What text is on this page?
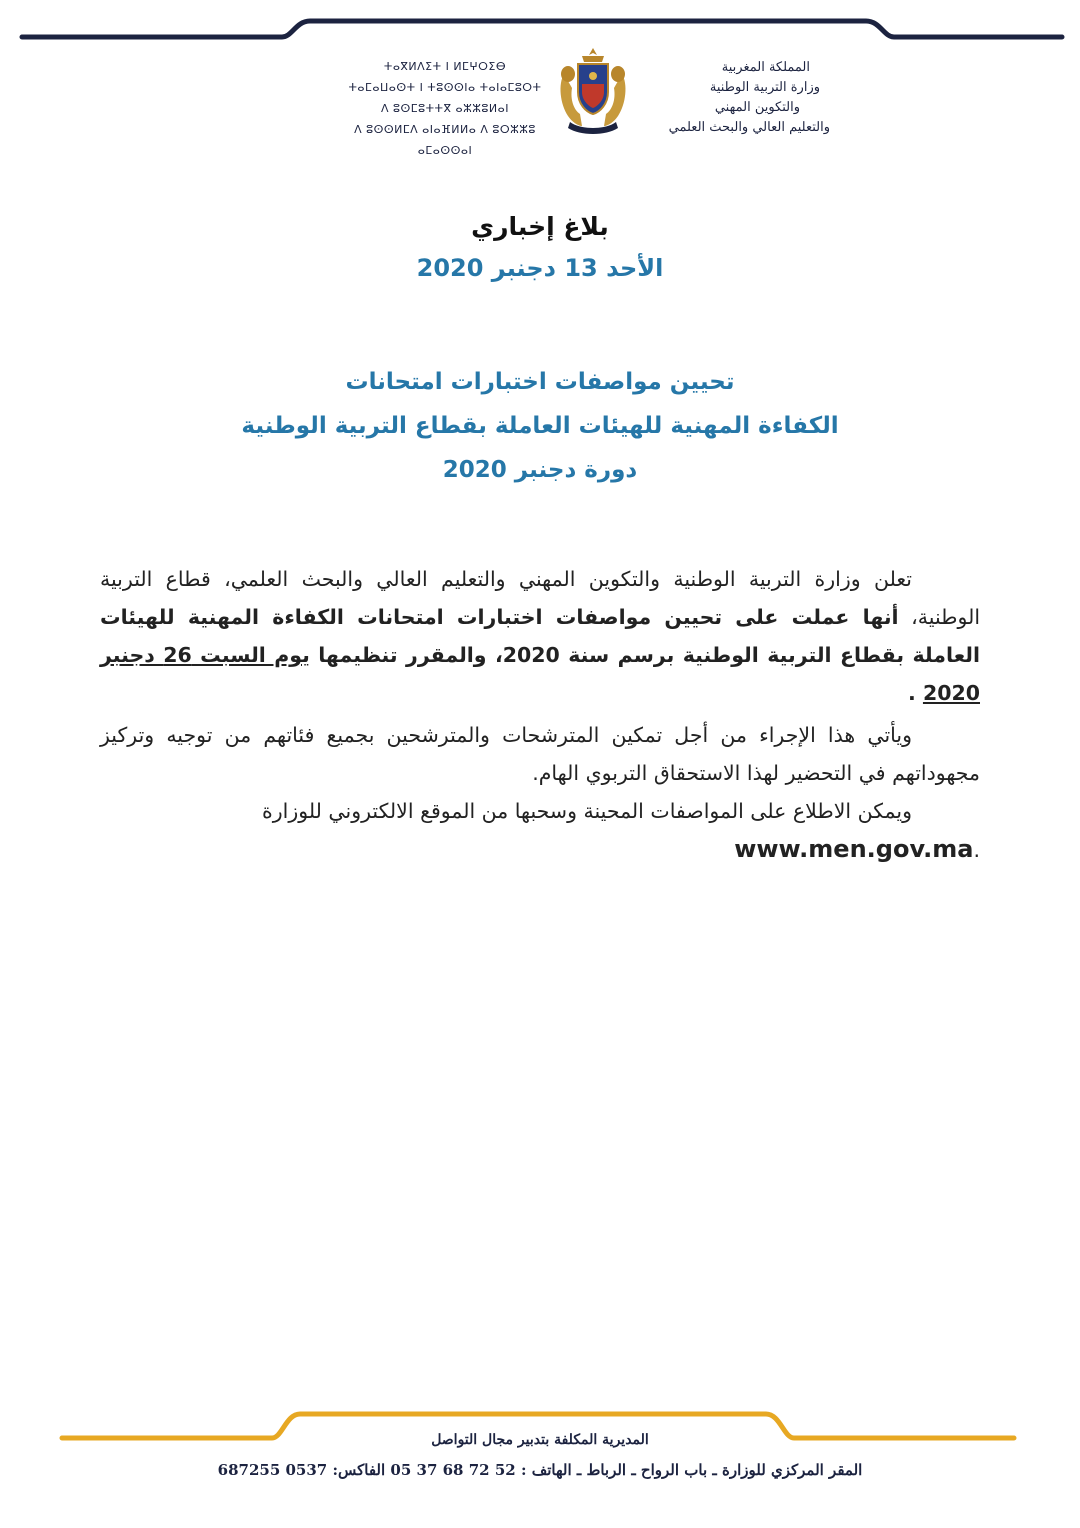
المملكة المغربية
وزارة التربية الوطنية
والتكوين المهني
والتعليم العالي والبحث العلمي
ⵜⴰⴳⵍⴷⵉⵜ ⵏ ⵍⵎⵖⵔⵉⴱ
ⵜⴰⵎⴰⵡⴰⵙⵜ ⵏ ⵜⵓⵙⵙⵏⴰ ⵜⴰⵏⴰⵎⵓⵔⵜ
ⴷ ⵓⵙⵎⵓⵜⵜⴳ ⴰⵣⵣⵓⵍⴰⵏ
ⴷ ⵓⵙⵙⵍⵎⴷ ⴰⵏⴰⴼⵍⵍⴰ ⴷ ⵓⵔⵣⵣⵓ ⴰⵎⴰⵙⵙⴰⵏ
بلاغ إخباري
الأحد 13 دجنبر 2020
تحيين مواصفات اختبارات امتحانات
الكفاءة المهنية للهيئات العاملة بقطاع التربية الوطنية
دورة دجنبر 2020
تعلن وزارة التربية الوطنية والتكوين المهني والتعليم العالي والبحث العلمي، قطاع التربية الوطنية، أنها عملت على تحيين مواصفات اختبارات امتحانات الكفاءة المهنية للهيئات العاملة بقطاع التربية الوطنية برسم سنة 2020، والمقرر تنظيمها يوم السبت 26 دجنبر 2020 .
ويأتي هذا الإجراء من أجل تمكين المترشحات والمترشحين بجميع فئاتهم من توجيه وتركيز مجهوداتهم في التحضير لهذا الاستحقاق التربوي الهام.
ويمكن الاطلاع على المواصفات المحينة وسحبها من الموقع الالكتروني للوزارة
.www.men.gov.ma
المديرية المكلفة بتدبير مجال التواصل
المقر المركزي للوزارة ـ باب الرواح ـ الرباط ـ الهاتف : 52 72 68 37 05 الفاكس: 0537 687255
